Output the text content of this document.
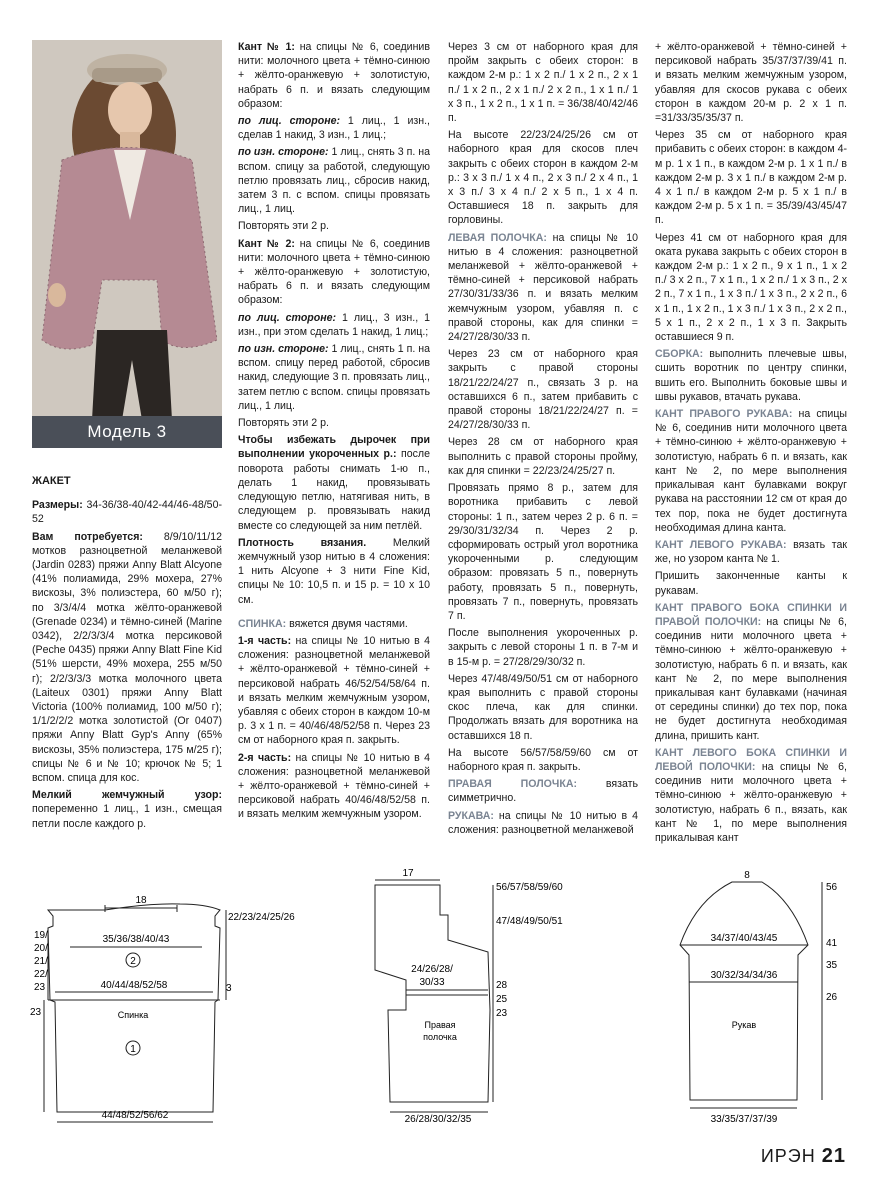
Модель 3

ЖАКЕТ

Размеры: 34-36/38-40/42-44/46-48/50-52

Вам потребуется: 8/9/10/11/12 мотков разноцветной меланжевой (Jardin 0283) пряжи Anny Blatt Alcyone (41% полиамида, 29% мохера, 27% вискозы, 3% полиэстера, 60 м/50 г); по 3/3/4/4 мотка жёлто-оранжевой (Grenade 0234) и тёмно-синей (Marine 0342), 2/2/3/3/4 мотка персиковой (Peche 0435) пряжи Anny Blatt Fine Kid (51% шерсти, 49% мохера, 255 м/50 г); 2/2/3/3/3 мотка молочного цвета (Laiteux 0301) пряжи Anny Blatt Victoria (100% полиамид, 100 м/50 г); 1/1/2/2/2 мотка золотистой (Or 0407) пряжи Anny Blatt Gyp's Anny (65% вискозы, 35% полиэстера, 175 м/25 г); спицы № 6 и № 10; крючок № 5; 1 вспом. спица для кос.

Мелкий жемчужный узор: попеременно 1 лиц., 1 изн., смещая петли после каждого р.

Кант № 1: на спицы № 6, соединив нити: молочного цвета + тёмно-синюю + жёлто-оранжевую + золотистую, набрать 6 п. и вязать следующим образом:

по лиц. стороне: 1 лиц., 1 изн., сделав 1 накид, 3 изн., 1 лиц.;

по изн. стороне: 1 лиц., снять 3 п. на вспом. спицу за работой, следующую петлю провязать лиц., сбросив накид, затем 3 п. с вспом. спицы провязать лиц., 1 лиц.

Повторять эти 2 р.

Кант № 2: на спицы № 6, соединив нити: молочного цвета + тёмно-синюю + жёлто-оранжевую + золотистую, набрать 6 п. и вязать следующим образом:

по лиц. стороне: 1 лиц., 3 изн., 1 изн., при этом сделать 1 накид, 1 лиц.;

по изн. стороне: 1 лиц., снять 1 п. на вспом. спицу перед работой, сбросив накид, следующие 3 п. провязать лиц., затем петлю с вспом. спицы провязать лиц., 1 лиц.

Повторять эти 2 р.

Чтобы избежать дырочек при выполнении укороченных р.: после поворота работы снимать 1-ю п., делать 1 накид, провязывать следующую петлю, натягивая нить, в следующем р. провязывать накид вместе со следующей за ним петлёй.

Плотность вязания. Мелкий жемчужный узор нитью в 4 сложения: 1 нить Alcyone + 3 нити Fine Kid, спицы № 10: 10,5 п. и 15 р. = 10 х 10 см.

СПИНКА: вяжется двумя частями.

1-я часть: на спицы № 10 нитью в 4 сложения: разноцветной меланжевой + жёлто-оранжевой + тёмно-синей + персиковой набрать 46/52/54/58/64 п. и вязать мелким жемчужным узором, убавляя с обеих сторон в каждом 10-м р. 3 х 1 п. = 40/46/48/52/58 п. Через 23 см от наборного края п. закрыть.

2-я часть: на спицы № 10 нитью в 4 сложения: разноцветной меланжевой + жёлто-оранжевой + тёмно-синей + персиковой набрать 40/46/48/52/58 п. и вязать мелким жемчужным узором.

Через 3 см от наборного края для пройм закрыть с обеих сторон: в каждом 2-м р.: 1 х 2 п./ 1 х 2 п., 2 х 1 п./ 1 х 2 п., 2 х 1 п./ 2 х 2 п., 1 х 1 п./ 1 х 3 п., 1 х 2 п., 1 х 1 п. = 36/38/40/42/46 п.

На высоте 22/23/24/25/26 см от наборного края для скосов плеч закрыть с обеих сторон в каждом 2-м р.: 3 х 3 п./ 1 х 4 п., 2 х 3 п./ 2 х 4 п., 1 х 3 п./ 3 х 4 п./ 2 х 5 п., 1 х 4 п. Оставшиеся 18 п. закрыть для горловины.

ЛЕВАЯ ПОЛОЧКА: на спицы № 10 нитью в 4 сложения: разноцветной меланжевой + жёлто-оранжевой + тёмно-синей + персиковой набрать 27/30/31/33/36 п. и вязать мелким жемчужным узором, убавляя п. с правой стороны, как для спинки = 24/27/28/30/33 п.

Через 23 см от наборного края закрыть с правой стороны 18/21/22/24/27 п., связать 3 р. на оставшихся 6 п., затем прибавить с правой стороны 18/21/22/24/27 п. = 24/27/28/30/33 п.

Через 28 см от наборного края выполнить с правой стороны пройму, как для спинки = 22/23/24/25/27 п.

Провязать прямо 8 р., затем для воротника прибавить с левой стороны: 1 п., затем через 2 р. 6 п. = 29/30/31/32/34 п. Через 2 р. сформировать острый угол воротника укороченными р. следующим образом: провязать 5 п., повернуть работу, провязать 5 п., повернуть, провязать 7 п., повернуть, провязать 7 п.

После выполнения укороченных р. закрыть с левой стороны 1 п. в 7-м и в 15-м р. = 27/28/29/30/32 п.

Через 47/48/49/50/51 см от наборного края выполнить с правой стороны скос плеча, как для спинки. Продолжать вязать для воротника на оставшихся 18 п.

На высоте 56/57/58/59/60 см от наборного края п. закрыть.

ПРАВАЯ ПОЛОЧКА: вязать симметрично.

РУКАВА: на спицы № 10 нитью в 4 сложения: разноцветной меланжевой

+ жёлто-оранжевой + тёмно-синей + персиковой набрать 35/37/37/39/41 п. и вязать мелким жемчужным узором, убавляя для скосов рукава с обеих сторон в каждом 20-м р. 2 х 1 п. =31/33/35/35/37 п.

Через 35 см от наборного края прибавить с обеих сторон: в каждом 4-м р. 1 х 1 п., в каждом 2-м р. 1 х 1 п./ в каждом 2-м р. 3 х 1 п./ в каждом 2-м р. 4 х 1 п./ в каждом 2-м р. 5 х 1 п./ в каждом 2-м р. 5 х 1 п. = 35/39/43/45/47 п.

Через 41 см от наборного края для оката рукава закрыть с обеих сторон в каждом 2-м р.: 1 х 2 п., 9 х 1 п., 1 х 2 п./ 3 х 2 п., 7 х 1 п., 1 х 2 п./ 1 х 3 п., 2 х 2 п., 7 х 1 п., 1 х 3 п./ 1 х 3 п., 2 х 2 п., 6 х 1 п., 1 х 2 п., 1 х 3 п./ 1 х 3 п., 2 х 2 п., 5 х 1 п., 2 х 2 п., 1 х 3 п. Закрыть оставшиеся 9 п.

СБОРКА: выполнить плечевые швы, сшить воротник по центру спинки, вшить его. Выполнить боковые швы и швы рукавов, втачать рукава.

КАНТ ПРАВОГО РУКАВА: на спицы № 6, соединив нити молочного цвета + тёмно-синюю + жёлто-оранжевую + золотистую, набрать 6 п. и вязать, как кант № 2, по мере выполнения прикалывая кант булавками вокруг рукава на расстоянии 12 см от края до тех пор, пока не будет достигнута необходимая длина канта.

КАНТ ЛЕВОГО РУКАВА: вязать так же, но узором канта № 1.

Пришить законченные канты к рукавам.

КАНТ ПРАВОГО БОКА СПИНКИ И ПРАВОЙ ПОЛОЧКИ: на спицы № 6, соединив нити молочного цвета + тёмно-синюю + жёлто-оранжевую + золотистую, набрать 6 п. и вязать, как кант № 2, по мере выполнения прикалывая кант булавками (начиная от середины спинки) до тех пор, пока не будет достигнута необходимая длина, пришить кант.

КАНТ ЛЕВОГО БОКА СПИНКИ И ЛЕВОЙ ПОЛОЧКИ: на спицы № 6, соединив нити молочного цвета + тёмно-синюю + жёлто-оранжевую + золотистую, набрать 6 п., вязать, как кант № 1, по мере выполнения прикалывая кант

18
35/36/38/40/43
2
40/44/48/52/58
Спинка
1
44/48/52/56/62
22/23/24/25/26
3
19/
20/
21/
22/
23
23
17
56/57/58/59/60
47/48/49/50/51
28
25
23
24/26/28/
30/33
Правая
полочка
26/28/30/32/35
8
34/37/40/43/45
30/32/34/34/36
Рукав
33/35/37/37/39
56
41
35
26
ИРЭН 21
